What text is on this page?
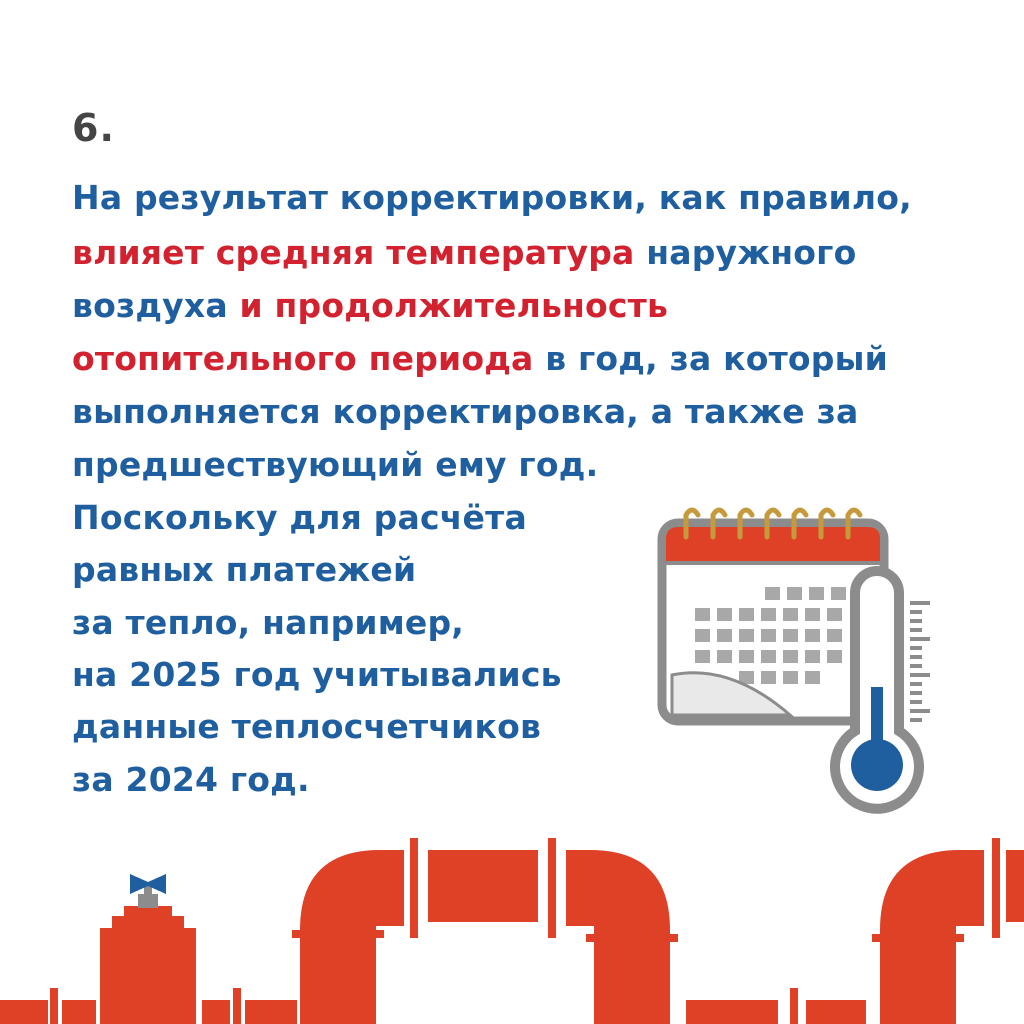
6.
На результат корректировки, как правило,
влияет средняя температура наружного
воздуха и продолжительность
отопительного периода в год, за который
выполняется корректировка, а также за
предшествующий ему год.
Поскольку для расчёта
равных платежей
за тепло, например,
на 2025 год учитывались
данные теплосчетчиков
за 2024 год.
